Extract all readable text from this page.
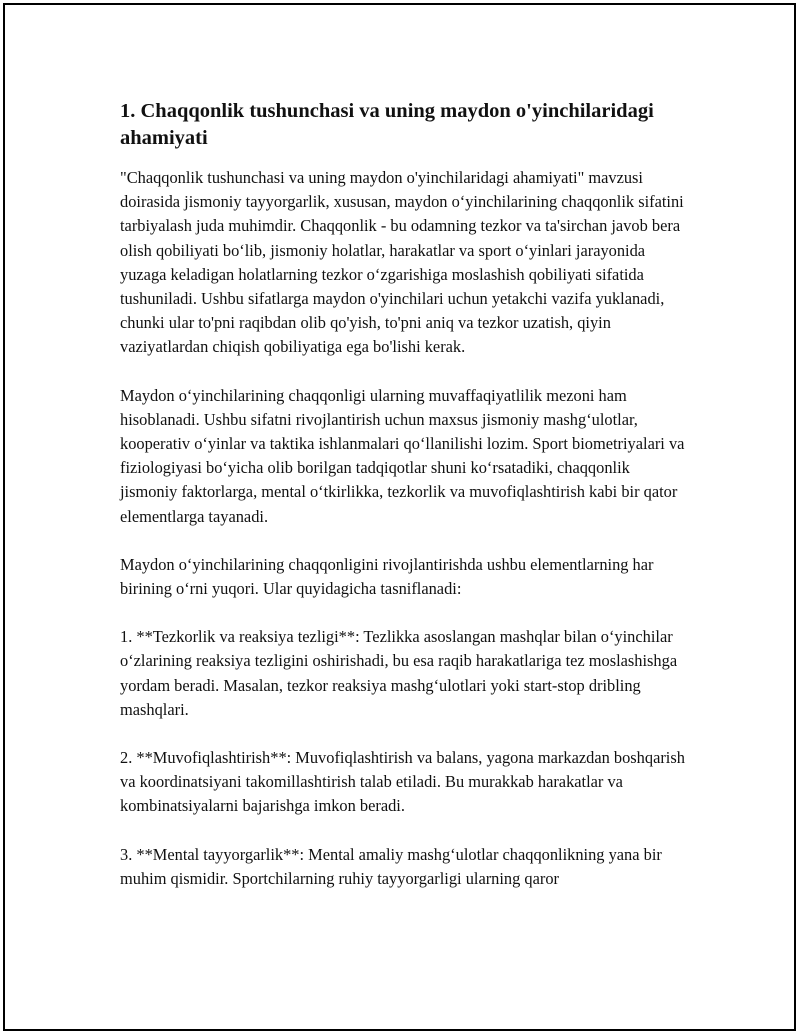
1. Chaqqonlik tushunchasi va uning maydon o'yinchilaridagi ahamiyati

"Chaqqonlik tushunchasi va uning maydon o'yinchilaridagi ahamiyati" mavzusi doirasida jismoniy tayyorgarlik, xususan, maydon o‘yinchilarining chaqqonlik sifatini tarbiyalash juda muhimdir. Chaqqonlik - bu odamning tezkor va ta'sirchan javob bera olish qobiliyati bo‘lib, jismoniy holatlar, harakatlar va sport o‘yinlari jarayonida yuzaga keladigan holatlarning tezkor o‘zgarishiga moslashish qobiliyati sifatida tushuniladi. Ushbu sifatlarga maydon o'yinchilari uchun yetakchi vazifa yuklanadi, chunki ular to'pni raqibdan olib qo'yish, to'pni aniq va tezkor uzatish, qiyin vaziyatlardan chiqish qobiliyatiga ega bo'lishi kerak.

Maydon o‘yinchilarining chaqqonligi ularning muvaffaqiyatlilik mezoni ham hisoblanadi. Ushbu sifatni rivojlantirish uchun maxsus jismoniy mashg‘ulotlar, kooperativ o‘yinlar va taktika ishlanmalari qo‘llanilishi lozim. Sport biometriyalari va fiziologiyasi bo‘yicha olib borilgan tadqiqotlar shuni ko‘rsatadiki, chaqqonlik jismoniy faktorlarga, mental o‘tkirlikka, tezkorlik va muvofiqlashtirish kabi bir qator elementlarga tayanadi.

Maydon o‘yinchilarining chaqqonligini rivojlantirishda ushbu elementlarning har birining o‘rni yuqori. Ular quyidagicha tasniflanadi:

1. **Tezkorlik va reaksiya tezligi**: Tezlikka asoslangan mashqlar bilan o‘yinchilar o‘zlarining reaksiya tezligini oshirishadi, bu esa raqib harakatlariga tez moslashishga yordam beradi. Masalan, tezkor reaksiya mashg‘ulotlari yoki start-stop dribling mashqlari.

2. **Muvofiqlashtirish**: Muvofiqlashtirish va balans, yagona markazdan boshqarish va koordinatsiyani takomillashtirish talab etiladi. Bu murakkab harakatlar va kombinatsiyalarni bajarishga imkon beradi.

3. **Mental tayyorgarlik**: Mental amaliy mashg‘ulotlar chaqqonlikning yana bir muhim qismidir. Sportchilarning ruhiy tayyorgarligi ularning qaror
